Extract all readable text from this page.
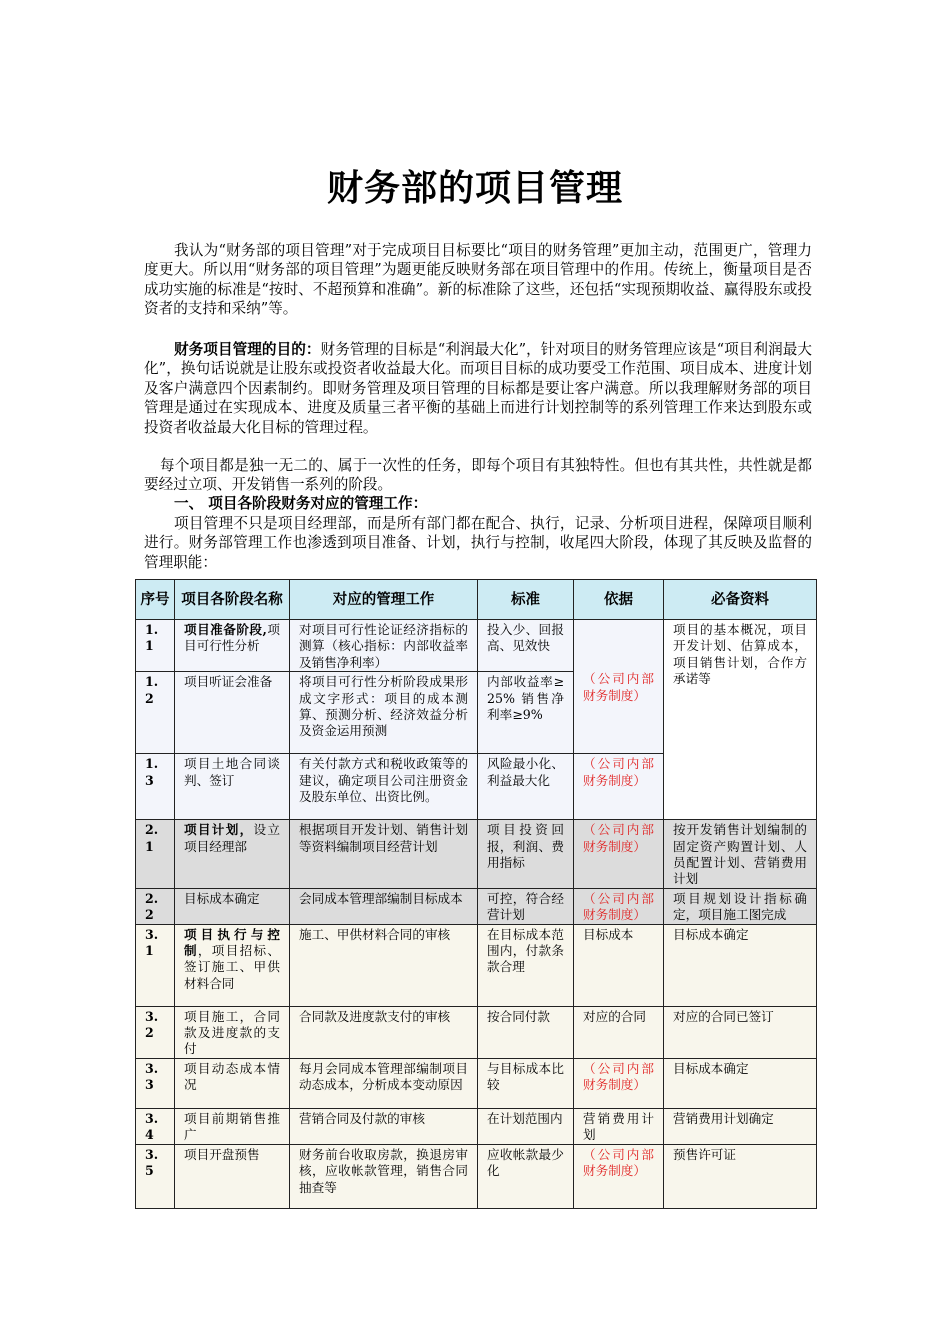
财务部的项目管理
我认为“财务部的项目管理”对于完成项目目标要比“项目的财务管理”更加主动，范围更广，管理力度更大。所以用“财务部的项目管理”为题更能反映财务部在项目管理中的作用。传统上，衡量项目是否成功实施的标准是“按时、不超预算和准确”。新的标准除了这些，还包括“实现预期收益、赢得股东或投资者的支持和采纳”等。
财务项目管理的目的：财务管理的目标是“利润最大化”，针对项目的财务管理应该是“项目利润最大化”，换句话说就是让股东或投资者收益最大化。而项目目标的成功要受工作范围、项目成本、进度计划及客户满意四个因素制约。即财务管理及项目管理的目标都是要让客户满意。所以我理解财务部的项目管理是通过在实现成本、进度及质量三者平衡的基础上而进行计划控制等的系列管理工作来达到股东或投资者收益最大化目标的管理过程。
每个项目都是独一无二的、属于一次性的任务，即每个项目有其独特性。但也有其共性，共性就是都要经过立项、开发销售一系列的阶段。
一、 项目各阶段财务对应的管理工作：
项目管理不只是项目经理部，而是所有部门都在配合、执行，记录、分析项目进程，保障项目顺利进行。财务部管理工作也渗透到项目准备、计划，执行与控制，收尾四大阶段，体现了其反映及监督的管理职能：
序号	项目各阶段名称	对应的管理工作	标准	依据	必备资料
1.1	项目准备阶段,项目可行性分析	对项目可行性论证经济指标的测算（核心指标：内部收益率及销售净利率）	投入少、回报高、见效快	（公司内部财务制度）	项目的基本概况，项目开发计划、估算成本，项目销售计划，合作方承诺等
1.2	项目听证会准备	将项目可行性分析阶段成果形成文字形式：项目的成本测算、预测分析、经济效益分析及资金运用预测	内部收益率≥25% 销售净利率≥9%		
1.3	项目土地合同谈判、签订	有关付款方式和税收政策等的建议，确定项目公司注册资金及股东单位、出资比例。	风险最小化、利益最大化	（公司内部财务制度）	
2.1	项目计划，设立项目经理部	根据项目开发计划、销售计划等资料编制项目经营计划	项目投资回报，利润、费用指标	（公司内部财务制度）	按开发销售计划编制的固定资产购置计划、人员配置计划、营销费用计划
2.2	目标成本确定	会同成本管理部编制目标成本	可控，符合经营计划	（公司内部财务制度）	项目规划设计指标确定，项目施工图完成
3.1	项目执行与控制，项目招标、签订施工、甲供材料合同	施工、甲供材料合同的审核	在目标成本范围内，付款条款合理	目标成本	目标成本确定
3.2	项目施工，合同款及进度款的支付	合同款及进度款支付的审核	按合同付款	对应的合同	对应的合同已签订
3.3	项目动态成本情况	每月会同成本管理部编制项目动态成本，分析成本变动原因	与目标成本比较	（公司内部财务制度）	目标成本确定
3.4	项目前期销售推广	营销合同及付款的审核	在计划范围内	营销费用计划	营销费用计划确定
3.5	项目开盘预售	财务前台收取房款，换退房审核，应收帐款管理，销售合同抽查等	应收帐款最少化	（公司内部财务制度）	预售许可证
